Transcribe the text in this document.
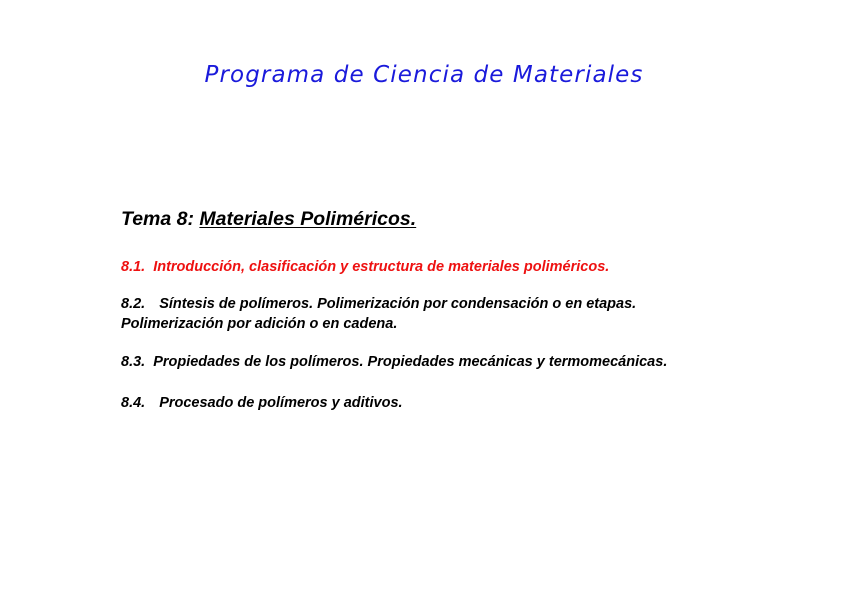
Programa de Ciencia de Materiales
Tema 8: Materiales Poliméricos.
8.1. Introducción, clasificación y estructura de materiales poliméricos.
8.2. Síntesis de polímeros. Polimerización por condensación o en etapas.
Polimerización por adición o en cadena.
8.3. Propiedades de los polímeros. Propiedades mecánicas y termomecánicas.
8.4. Procesado de polímeros y aditivos.
